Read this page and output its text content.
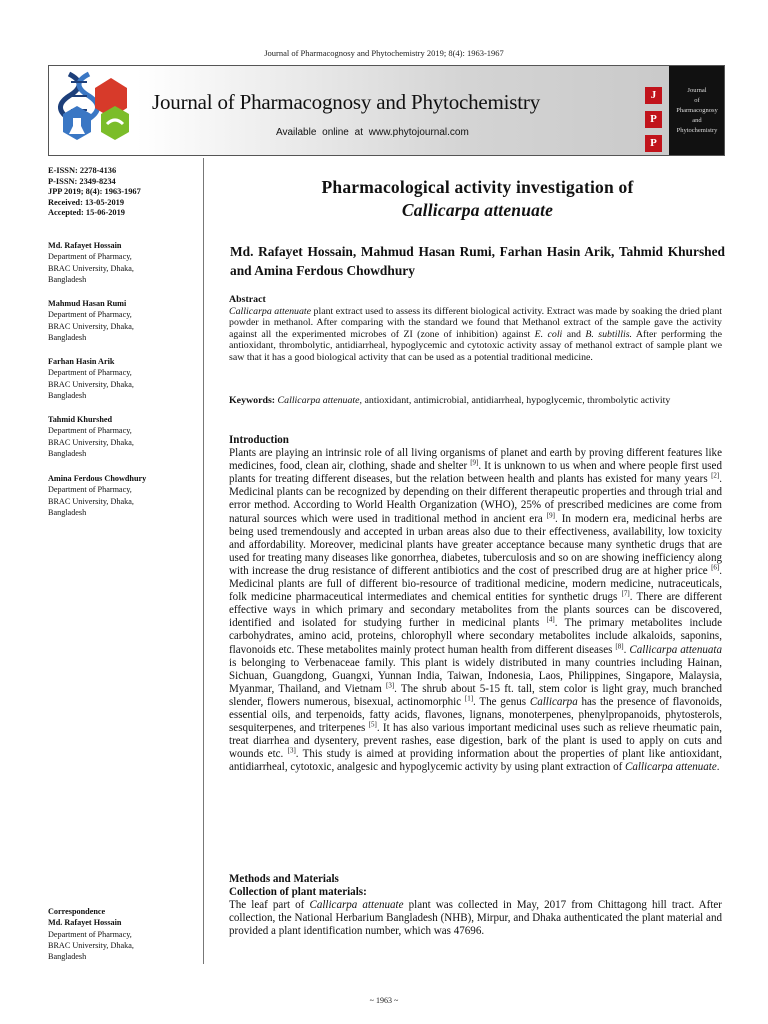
Journal of Pharmacognosy and Phytochemistry 2019; 8(4): 1963-1967
Journal of Pharmacognosy and Phytochemistry
Available online at www.phytojournal.com
J
P
P
Journal
of
Pharmacognosy
and
Phytochemistry
E-ISSN: 2278-4136
P-ISSN: 2349-8234
JPP 2019; 8(4): 1963-1967
Received: 13-05-2019
Accepted: 15-06-2019
Md. Rafayet Hossain
Department of Pharmacy,
BRAC University, Dhaka,
Bangladesh
Mahmud Hasan Rumi
Department of Pharmacy,
BRAC University, Dhaka,
Bangladesh
Farhan Hasin Arik
Department of Pharmacy,
BRAC University, Dhaka,
Bangladesh
Tahmid Khurshed
Department of Pharmacy,
BRAC University, Dhaka,
Bangladesh
Amina Ferdous Chowdhury
Department of Pharmacy,
BRAC University, Dhaka,
Bangladesh
Correspondence
Md. Rafayet Hossain
Department of Pharmacy,
BRAC University, Dhaka,
Bangladesh
Pharmacological activity investigation of
Callicarpa attenuate
Md. Rafayet Hossain, Mahmud Hasan Rumi, Farhan Hasin Arik, Tahmid Khurshed and Amina Ferdous Chowdhury
Abstract
Callicarpa attenuate plant extract used to assess its different biological activity. Extract was made by soaking the dried plant powder in methanol. After comparing with the standard we found that Methanol extract of the sample gave the activity against all the experimented microbes of ZI (zone of inhibition) against E. coli and B. subtillis. After performing the antioxidant, thrombolytic, antidiarrheal, hypoglycemic and cytotoxic activity assay of methanol extract of sample plant we saw that it has a good biological activity that can be used as a potential traditional medicine.
Keywords: Callicarpa attenuate, antioxidant, antimicrobial, antidiarrheal, hypoglycemic, thrombolytic activity
Introduction
Plants are playing an intrinsic role of all living organisms of planet and earth by proving different features like medicines, food, clean air, clothing, shade and shelter [9]. It is unknown to us when and where people first used plants for treating different diseases, but the relation between health and plants has existed for many years [2]. Medicinal plants can be recognized by depending on their different therapeutic properties and through trial and error method. According to World Health Organization (WHO), 25% of prescribed medicines are come from natural sources which were used in traditional method in ancient era [9]. In modern era, medicinal herbs are being used tremendously and accepted in urban areas also due to their effectiveness, availability, low toxicity and affordability. Moreover, medicinal plants have greater acceptance because many synthetic drugs that are used for treating many diseases like gonorrhea, diabetes, tuberculosis and so on are showing inefficiency along with increase the drug resistance of different antibiotics and the cost of prescribed drug are at higher price [6]. Medicinal plants are full of different bio-resource of traditional medicine, modern medicine, nutraceuticals, folk medicine pharmaceutical intermediates and chemical entities for synthetic drugs [7]. There are different effective ways in which primary and secondary metabolites from the plants sources can be discovered, identified and isolated for studying further in medicinal plants [4]. The primary metabolites include carbohydrates, amino acid, proteins, chlorophyll where secondary metabolites include alkaloids, saponins, flavonoids etc. These metabolites mainly protect human health from different diseases [8]. Callicarpa attenuata is belonging to Verbenaceae family. This plant is widely distributed in many countries including Hainan, Sichuan, Guangdong, Guangxi, Yunnan India, Taiwan, Indonesia, Laos, Philippines, Singapore, Malaysia, Myanmar, Thailand, and Vietnam [3]. The shrub about 5-15 ft. tall, stem color is light gray, much branched slender, flowers numerous, bisexual, actinomorphic [1]. The genus Callicarpa has the presence of flavonoids, essential oils, and terpenoids, fatty acids, flavones, lignans, monoterpenes, phenylpropanoids, phytosterols, sesquiterpenes, and triterpenes [5]. It has also various important medicinal uses such as relieve rheumatic pain, treat diarrhea and dysentery, prevent rashes, ease digestion, bark of the plant is used to apply on cuts and wounds etc. [3]. This study is aimed at providing information about the properties of plant like antioxidant, antidiarrheal, cytotoxic, analgesic and hypoglycemic activity by using plant extraction of Callicarpa attenuate.
Methods and Materials
Collection of plant materials:
The leaf part of Callicarpa attenuate plant was collected in May, 2017 from Chittagong hill tract. After collection, the National Herbarium Bangladesh (NHB), Mirpur, and Dhaka authenticated the plant material and provided a plant identification number, which was 47696.
~ 1963 ~
